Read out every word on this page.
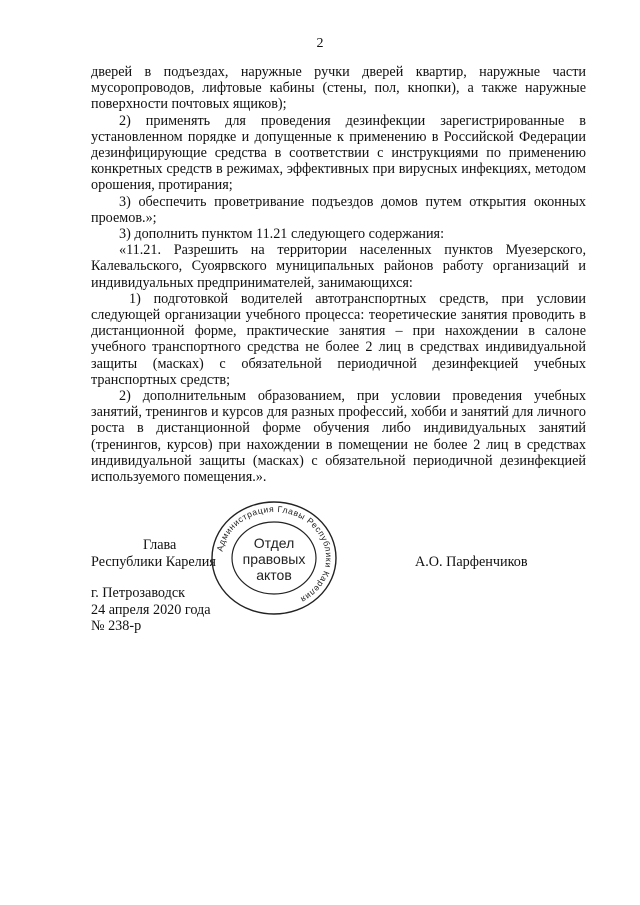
2

дверей в подъездах, наружные ручки дверей квартир, наружные части мусоропроводов, лифтовые кабины (стены, пол, кнопки), а также наружные поверхности почтовых ящиков);

2) применять для проведения дезинфекции зарегистрированные в установленном порядке и допущенные к применению в Российской Федерации дезинфицирующие средства в соответствии с инструкциями по применению конкретных средств в режимах, эффективных при вирусных инфекциях, методом орошения, протирания;

3) обеспечить проветривание подъездов домов путем открытия оконных проемов.»;

3) дополнить пунктом 11.21 следующего содержания:

«11.21. Разрешить на территории населенных пунктов Муезерского, Калевальского, Суоярвского муниципальных районов работу организаций и индивидуальных предпринимателей, занимающихся:

1) подготовкой водителей автотранспортных средств, при условии следующей организации учебного процесса: теоретические занятия проводить в дистанционной форме, практические занятия – при нахождении в салоне учебного транспортного средства не более 2 лиц в средствах индивидуальной защиты (масках) с обязательной периодичной дезинфекцией учебных транспортных средств;

2) дополнительным образованием, при условии проведения учебных занятий, тренингов и курсов для разных профессий, хобби и занятий для личного роста в дистанционной форме обучения либо индивидуальных занятий (тренингов, курсов) при нахождении в помещении не более 2 лиц в средствах индивидуальной защиты (масках) с обязательной периодичной дезинфекцией используемого помещения.».

Глава
Республики Карелия	А.О. Парфенчиков
г. Петрозаводск
24 апреля 2020 года
№ 238-р
Администрация Главы Республики Карелия
Отдел
правовых
актов
